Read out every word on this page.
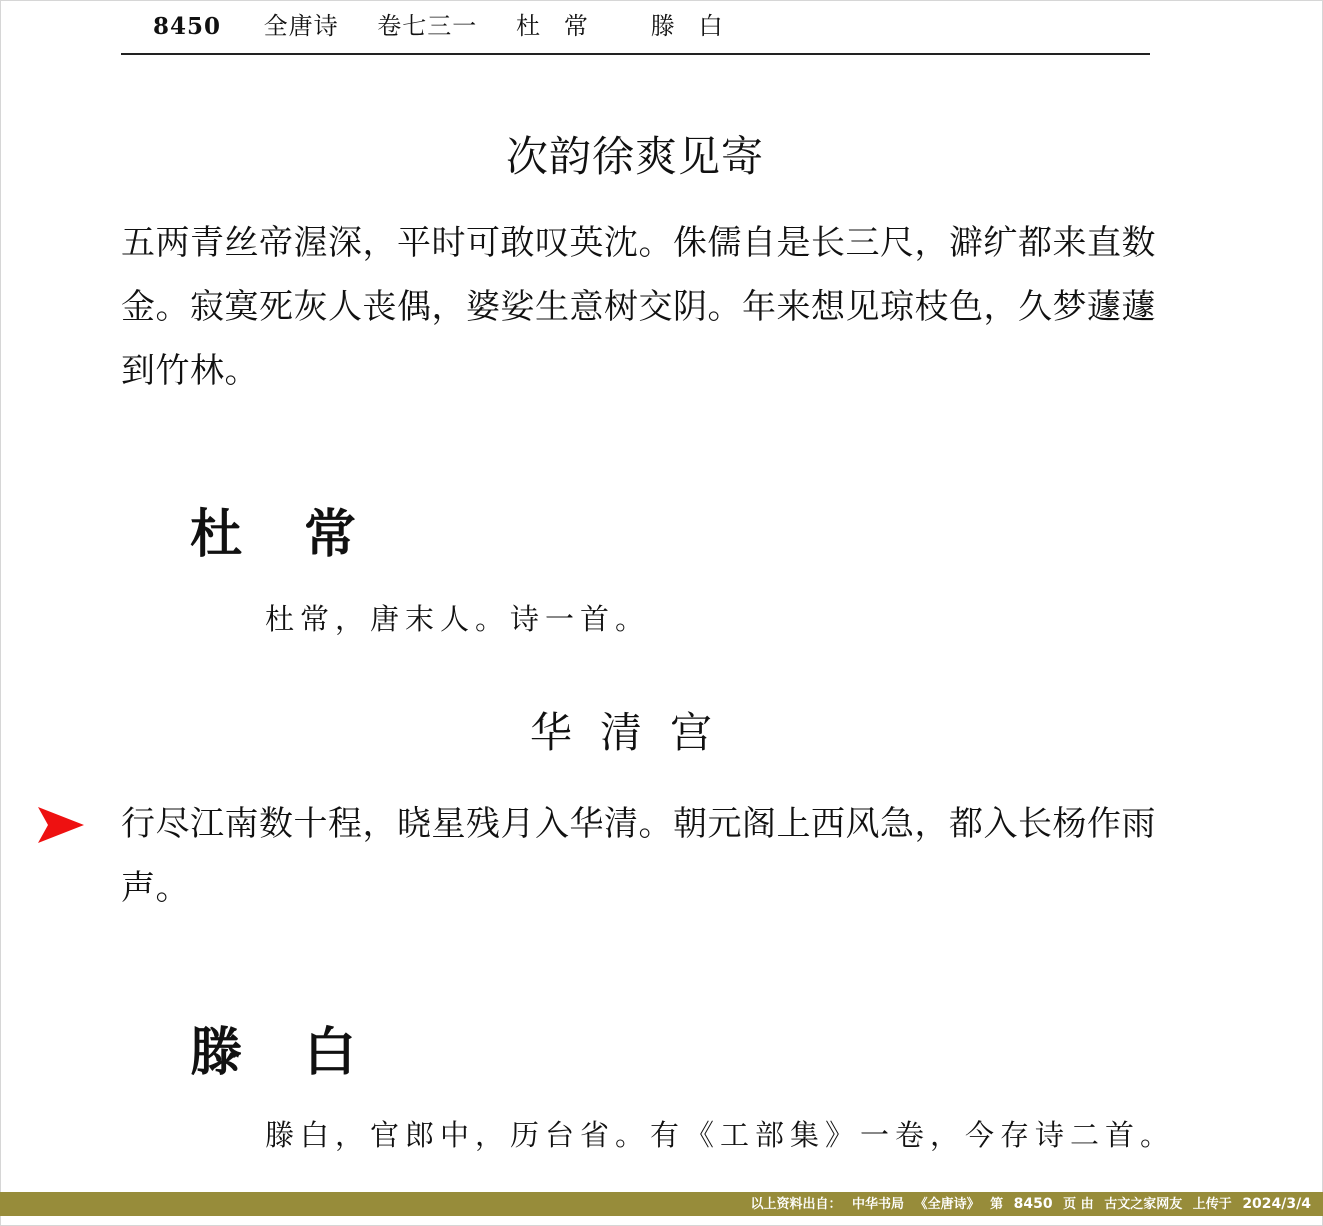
8450 全唐诗 卷七三一 杜常 滕白
次韵徐爽见寄
五两青丝帝渥深，平时可敢叹英沈。侏儒自是长三尺，澼纩都来直数金。寂寞死灰人丧偶，婆娑生意树交阴。年来想见琼枝色，久梦蘧蘧到竹林。
杜常
杜常，唐末人。诗一首。
华清宫
行尽江南数十程，晓星残月入华清。朝元阁上西风急，都入长杨作雨声。
滕白
滕白，官郎中，历台省。有《工部集》一卷，今存诗二首。
以上资料出自： 中华书局 《全唐诗》 第 8450 页 由 古文之家网友 上传于 2024/3/4
